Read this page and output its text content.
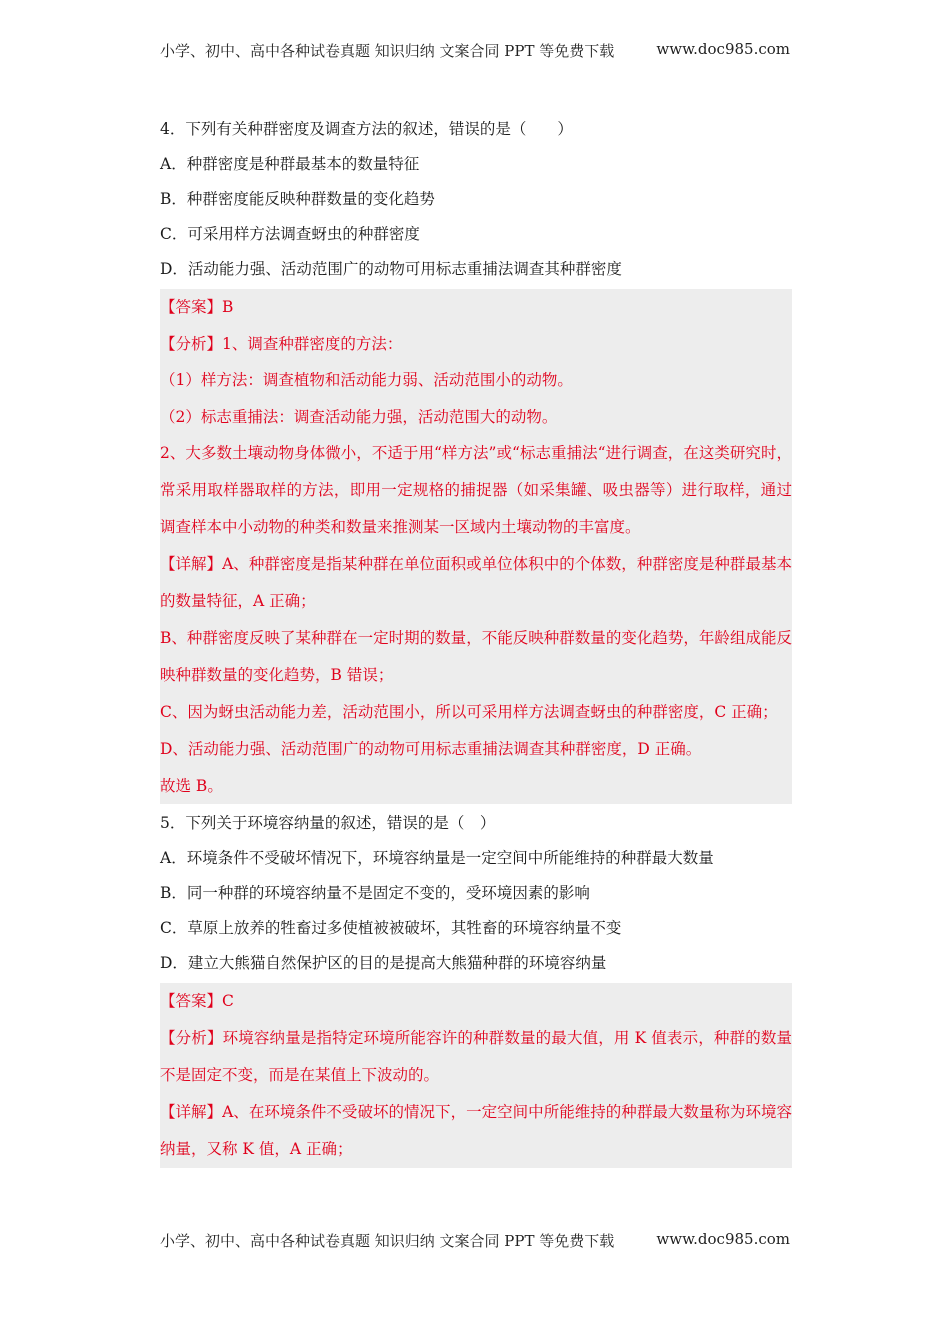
小学、初中、高中各种试卷真题 知识归纳 文案合同 PPT 等免费下载	www.doc985.com
4．下列有关种群密度及调查方法的叙述，错误的是（　　）
A．种群密度是种群最基本的数量特征
B．种群密度能反映种群数量的变化趋势
C．可采用样方法调查蚜虫的种群密度
D．活动能力强、活动范围广的动物可用标志重捕法调查其种群密度
【答案】B
【分析】1、调查种群密度的方法：
（1）样方法：调查植物和活动能力弱、活动范围小的动物。
（2）标志重捕法：调查活动能力强，活动范围大的动物。
2、大多数土壤动物身体微小，不适于用“样方法”或“标志重捕法“进行调查，在这类研究时，常采用取样器取样的方法，即用一定规格的捕捉器（如采集罐、吸虫器等）进行取样，通过调查样本中小动物的种类和数量来推测某一区域内土壤动物的丰富度。
【详解】A、种群密度是指某种群在单位面积或单位体积中的个体数，种群密度是种群最基本的数量特征，A 正确；
B、种群密度反映了某种群在一定时期的数量，不能反映种群数量的变化趋势，年龄组成能反映种群数量的变化趋势，B 错误；
C、因为蚜虫活动能力差，活动范围小，所以可采用样方法调查蚜虫的种群密度，C 正确；
D、活动能力强、活动范围广的动物可用标志重捕法调查其种群密度，D 正确。
故选 B。
5．下列关于环境容纳量的叙述，错误的是（　）
A．环境条件不受破坏情况下，环境容纳量是一定空间中所能维持的种群最大数量
B．同一种群的环境容纳量不是固定不变的，受环境因素的影响
C．草原上放养的牲畜过多使植被被破坏，其牲畜的环境容纳量不变
D．建立大熊猫自然保护区的目的是提高大熊猫种群的环境容纳量
【答案】C
【分析】环境容纳量是指特定环境所能容许的种群数量的最大值，用 K 值表示，种群的数量不是固定不变，而是在某值上下波动的。
【详解】A、在环境条件不受破坏的情况下，一定空间中所能维持的种群最大数量称为环境容纳量，又称 K 值，A 正确；
小学、初中、高中各种试卷真题 知识归纳 文案合同 PPT 等免费下载	www.doc985.com
